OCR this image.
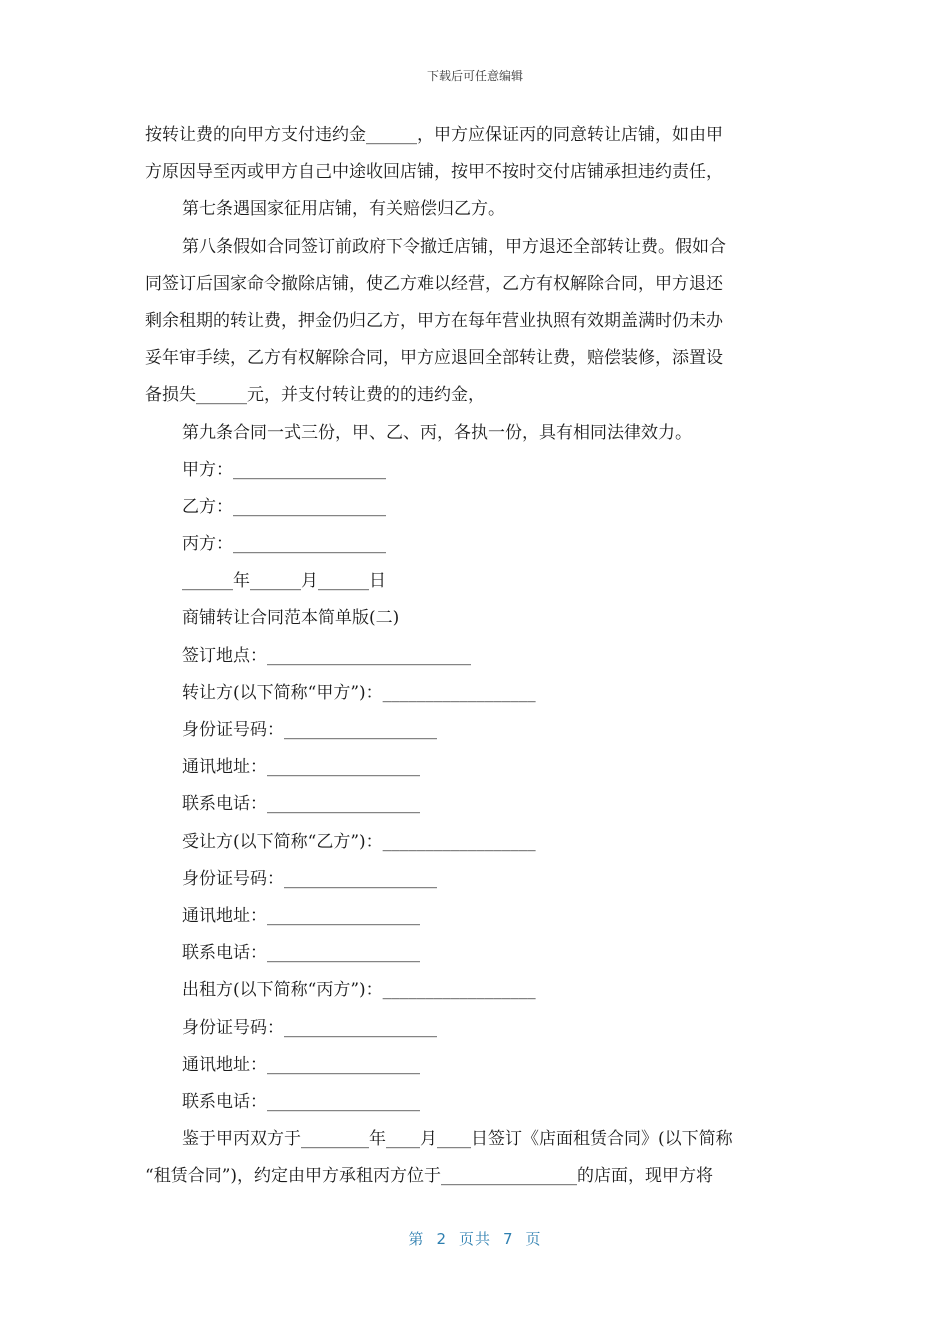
下载后可任意编辑
按转让费的向甲方支付违约金______，甲方应保证丙的同意转让店铺，如由甲
方原因导至丙或甲方自己中途收回店铺，按甲不按时交付店铺承担违约责任，
第七条遇国家征用店铺，有关赔偿归乙方。
第八条假如合同签订前政府下令撤迁店铺，甲方退还全部转让费。假如合
同签订后国家命令撤除店铺，使乙方难以经营，乙方有权解除合同，甲方退还
剩余租期的转让费，押金仍归乙方，甲方在每年营业执照有效期盖满时仍未办
妥年审手续，乙方有权解除合同，甲方应退回全部转让费，赔偿装修，添置设
备损失______元，并支付转让费的的违约金，
第九条合同一式三份，甲、乙、丙，各执一份，具有相同法律效力。
甲方：__________________
乙方：__________________
丙方：__________________
______年______月______日
商铺转让合同范本简单版(二)
签订地点：________________________
转让方(以下简称“甲方”)：__________________
身份证号码：__________________
通讯地址：__________________
联系电话：__________________
受让方(以下简称“乙方”)：__________________
身份证号码：__________________
通讯地址：__________________
联系电话：__________________
出租方(以下简称“丙方”)：__________________
身份证号码：__________________
通讯地址：__________________
联系电话：__________________
鉴于甲丙双方于________年____月____日签订《店面租赁合同》(以下简称
“租赁合同”)，约定由甲方承租丙方位于________________的店面，现甲方将
第 2 页共 7 页
